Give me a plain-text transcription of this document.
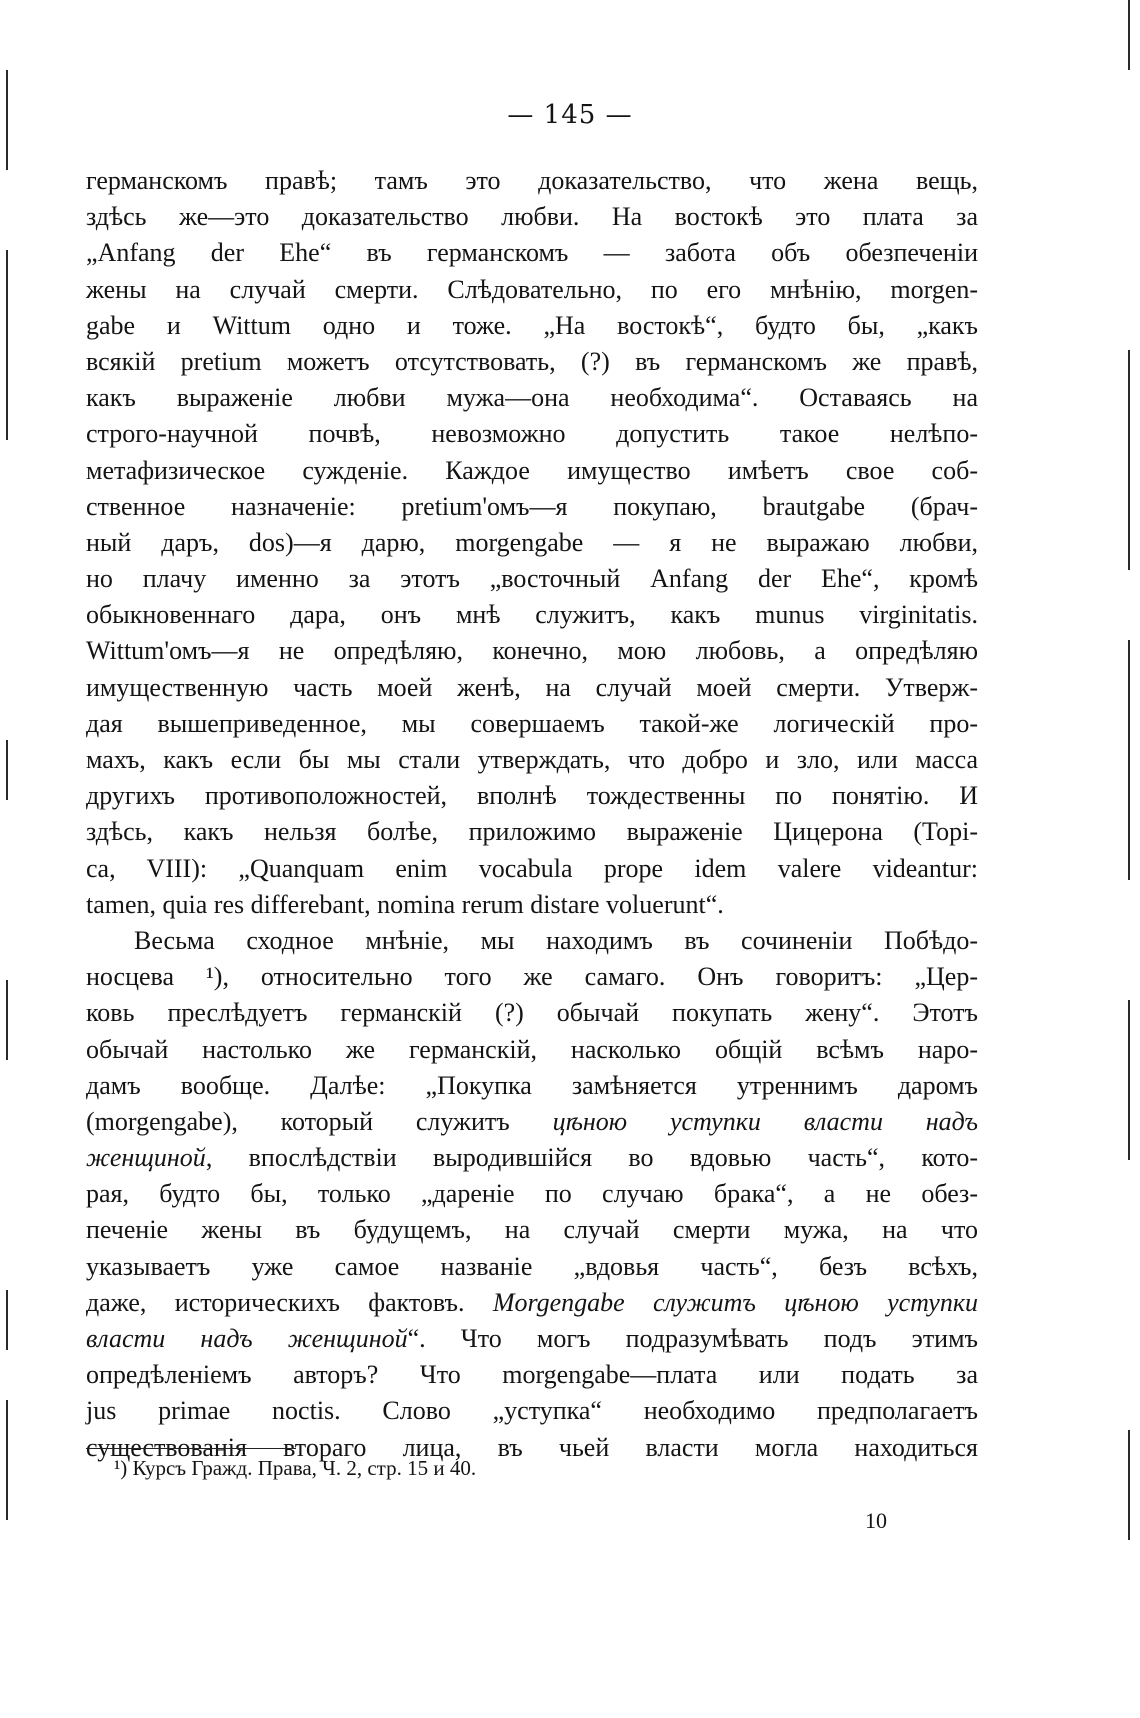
— 145 —
германскомъ правѣ; тамъ это доказательство, что жена вещь,
здѣсь же—это доказательство любви. На востокѣ это плата за
„Anfang der Ehe“ въ германскомъ — забота объ обезпеченіи
жены на случай смерти. Слѣдовательно, по его мнѣнію, morgen-
gabe и Wittum одно и тоже. „На востокѣ“, будто бы, „какъ
всякій pretium можетъ отсутствовать, (?) въ германскомъ же правѣ,
какъ выраженіе любви мужа—она необходима“. Оставаясь на
строго-научной почвѣ, невозможно допустить такое нелѣпо-
метафизическое сужденіе. Каждое имущество имѣетъ свое соб-
ственное назначеніе: pretium'омъ—я покупаю, brautgabe (брач-
ный даръ, dos)—я дарю, morgengabe — я не выражаю любви,
но плачу именно за этотъ „восточный Anfang der Ehe“, кромѣ
обыкновеннаго дара, онъ мнѣ служитъ, какъ munus virginitatis.
Wittum'омъ—я не опредѣляю, конечно, мою любовь, а опредѣляю
имущественную часть моей женѣ, на случай моей смерти. Утверж-
дая вышеприведенное, мы совершаемъ такой-же логическій про-
махъ, какъ если бы мы стали утверждать, что добро и зло, или масса
другихъ противоположностей, вполнѣ тождественны по понятію. И
здѣсь, какъ нельзя болѣе, приложимо выраженіе Цицерона (Topi-
ca, VIII): „Quanquam enim vocabula prope idem valere videantur:
tamen, quia res differebant, nomina rerum distare voluerunt“.
Весьма сходное мнѣніе, мы находимъ въ сочиненіи Побѣдо-
носцева ¹), относительно того же самаго. Онъ говоритъ: „Цер-
ковь преслѣдуетъ германскій (?) обычай покупать жену“. Этотъ
обычай настолько же германскій, насколько общій всѣмъ наро-
дамъ вообще. Далѣе: „Покупка замѣняется утреннимъ даромъ
(morgengabe), который служитъ цѣною уступки власти надъ
женщиной, впослѣдствіи выродившійся во вдовью часть“, кото-
рая, будто бы, только „дареніе по случаю брака“, а не обез-
печеніе жены въ будущемъ, на случай смерти мужа, на что
указываетъ уже самое названіе „вдовья часть“, безъ всѣхъ,
даже, историческихъ фактовъ. Morgengabe служитъ цѣною уступки
власти надъ женщиной“. Что могъ подразумѣвать подъ этимъ
опредѣленіемъ авторъ? Что morgengabe—плата или подать за
jus primae noctis. Слово „уступка“ необходимо предполагаетъ
существованія втораго лица, въ чьей власти могла находиться
¹) Курсъ Гражд. Права, Ч. 2, стр. 15 и 40.
10
